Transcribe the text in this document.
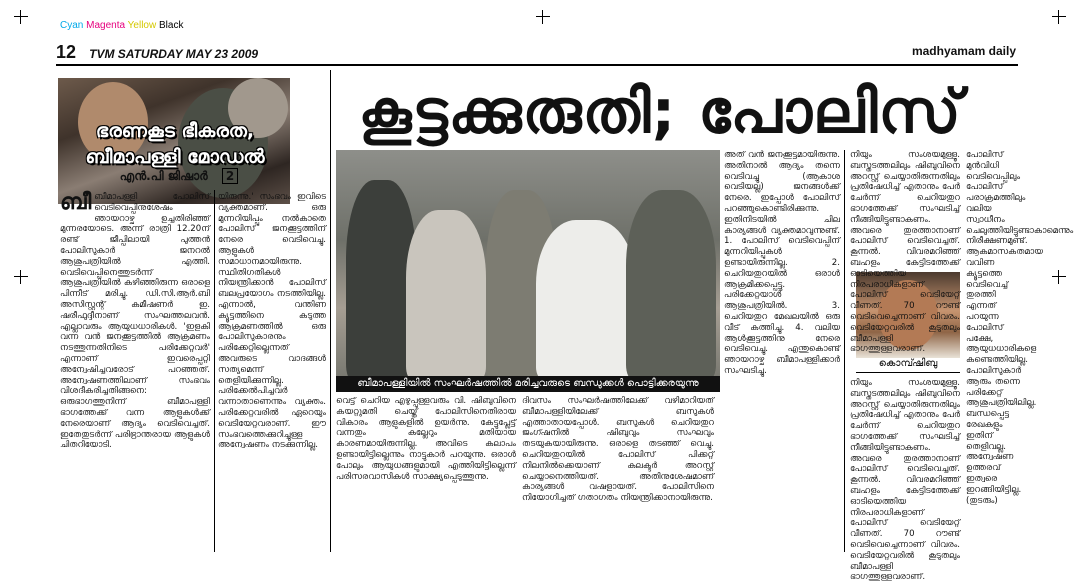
Cyan Magenta Yellow Black
12 TVM SATURDAY MAY 23 2009	madhyamam daily
ഭരണകൂട ഭീകരത,
ബീമാപള്ളി മോഡൽ
എൻ.പി ജിഷാർ 2
കൂട്ടക്കുരുതി; പോലിസ്
ബീമാപള്ളിയിൽ സംഘർഷത്തിൽ മരിച്ചവരുടെ ബന്ധുക്കൾ പൊട്ടിക്കരയുന്നു
കൊമ്പ്ഷിബു

ബീബീമാപള്ളി പോലിസ് വെടിവെപ്പിനുശേഷം ഞായറാഴ്ച ഉച്ചതിരിഞ്ഞ് മുന്നരയോടെ. അന്ന് രാത്രി 12.20ന് രണ്ട് ജീപ്പിലായി പുത്തൻ പോലിസുകാർ ജനറൽ ആശുപത്രിയിൽ എത്തി. വെടിവെപ്പിനെത്തുടർന്ന് ആശുപത്രിയിൽ കഴിഞ്ഞിരുന്ന ഒരാളെ പിന്നീട് മരിച്ചു. ഡി.സി.ആർ.ബി അസിസ്റ്റന്റ് കമീഷണർ ഇ. ഷരീഫുദ്ദീനാണ് സംഘത്തലവൻ. എല്ലാവരും ആയുധധാരികൾ. 'ഇളകി വന്ന വൻ ജനക്കൂട്ടത്തിൽ ആക്രമണം നടത്തുന്നതിനിടെ പരിക്കേറ്റവർ' എന്നാണ് ഇവരെപ്പറ്റി അന്വേഷിച്ചവരോട് പറഞ്ഞത്. അന്വേഷണത്തിലാണ് സംഭവം വിശദീകരിച്ചതിങ്ങനെ: ഒരുഭാഗത്തുനിന്ന് ബീമാപള്ളി ഭാഗത്തേക്ക് വന്ന ആളുകൾക്ക് നേരെയാണ് ആദ്യം വെടിവെച്ചത്. ഇതേതുടർന്ന് പരിഭ്രാന്തരായ ആളുകൾ ചിതറിയോടി.

യിരുന്നു.' സംഭവം ഇവിടെ വ്യക്തമാണ്. ഒരു മുന്നറിയിപ്പും നൽകാതെ പോലിസ് ജനക്കൂട്ടത്തിന് നേരെ വെടിവെച്ചു. ആളുകൾ സമാധാനമായിരുന്നു. സ്ഥിതിഗതികൾ നിയന്ത്രിക്കാൻ പോലിസ് ബലപ്രയോഗം നടത്തിയില്ല. എന്നാൽ, വന്തിണ ക്യൂട്ടത്തിനെ കടുത്ത ആക്രമണത്തിൽ ഒരു പോലിസുകാരനും പരിക്കേറ്റില്ലെന്നത് അവരുടെ വാദങ്ങൾ സത്യമെന്ന് തെളിയിക്കുന്നില്ല. പരിക്കേൽപിച്ചവർ വന്നാതാണെന്നും വ്യക്തം. പരിക്കേറ്റവരിൽ ഏറെയും വെടിയേറ്റവരാണ്. ഈ സംഭവത്തെക്കുറിച്ചുള്ള അന്വേഷണം നടക്കുന്നില്ല.

വെട്ട് ചെറിയ എഴുപ്പുള്ളവരും വി. ഷിബുവിനെ കയറ്റുമതി ചെയ്ത് പോലിസിനെതിരായ വികാരം ആളുകളിൽ ഉയർന്നു. കേട്ടുപ്ലേട്ട് വന്നതും കല്ലേറും മതിയായ കാരണമായിരുന്നില്ല. അവിടെ കലാപം ഉണ്ടായിട്ടില്ലെന്നും നാട്ടുകാർ പറയുന്നു. ഒരാൾ പോലും ആയുധങ്ങളുമായി എത്തിയിട്ടില്ലെന്ന് പരിസരവാസികൾ സാക്ഷ്യപ്പെടുത്തുന്നു.

ദിവസം സംഘർഷത്തിലേക്ക് വഴിമാറിയത് ബീമാപള്ളിയിലേക്ക് ബസുകൾ എത്താതായപ്പോൾ. ബസുകൾ ചെറിയതുറ ജംഗ്ഷനിൽ ഷിബുവും സംഘവും തടയുകയായിരുന്നു. ഒരാളെ തടഞ്ഞ് വെച്ചു. ചെറിയതുറയിൽ പോലിസ് പിക്കറ്റ് നിലനിൽക്കെയാണ് കലക്ടർ അറസ്റ്റ് ചെയ്യാനെത്തിയത്. അതിനുശേഷമാണ് കാര്യങ്ങൾ വഷളായത്. പോലിസിനെ നിയോഗിച്ചത് ഗതാഗതം നിയന്ത്രിക്കാനായിരുന്നു.

അത് വൻ ജനക്കൂട്ടമായിരുന്നു. അതിനാൽ ആദ്യം തന്നെ വെടിവച്ചു (ആകാശ വെടിയല്ല) ജനങ്ങൾക്ക് നേരെ. ഇപ്പോൾ പോലിസ് പറഞ്ഞുകൊണ്ടിരിക്കുന്നു. ഇതിനിടയിൽ ചില കാര്യങ്ങൾ വ്യക്തമാവുന്നുണ്ട്. 1. പോലിസ് വെടിവെപ്പിന് മുന്നറിയിപ്പുകൾ ഉണ്ടായിരുന്നില്ല. 2. ചെറിയതുറയിൽ ഒരാൾ ആക്രമിക്കപ്പെട്ടു. പരിക്കേറ്റയാൾ ആശുപത്രിയിൽ. 3. ചെറിയതുറ മേഖലയിൽ ഒരു വീട് കത്തിച്ചു. 4. വലിയ ആൾക്കൂട്ടത്തിനു നേരെ വെടിവെച്ചു. എന്തുകൊണ്ട് ഞായറാഴ്ച ബീമാപള്ളിക്കാർ സംഘടിച്ചു.

നിയും സംശയമുള്ളൂ. ബസ്തടത്തലിലും ഷിബുവിനെ അറസ്റ്റ് ചെയ്യാതിരുന്നതിലും പ്രതിഷേധിച്ച് എതാനും പേർ ചേർന്ന് ചെറിയതുറ ഭാഗത്തേക്ക് സംഘടിച്ച് നീങ്ങിയിട്ടുണ്ടാകണം. അവരെ തുരത്താനാണ് പോലിസ് വെടിവെച്ചത്. കൂന്നൽ. വിവരമറിഞ്ഞ് ബഹളം കേട്ടിടത്തേക്ക് ഓടിയെത്തിയ നിരപരാധികളാണ് പോലിസ് വെടിയേറ്റ് വീണത്. 70 റൗണ്ട് വെടിവെച്ചെന്നാണ് വിവരം. വെടിയേറ്റവരിൽ കൂടുതലും ബീമാപള്ളി ഭാഗത്തുള്ളവരാണ്.

നിയും സംശയമുള്ളൂ. ബസ്തടത്തലിലും ഷിബുവിനെ അറസ്റ്റ് ചെയ്യാതിരുന്നതിലും പ്രതിഷേധിച്ച് എതാനും പേർ ചേർന്ന് ചെറിയതുറ ഭാഗത്തേക്ക് സംഘടിച്ച് നീങ്ങിയിട്ടുണ്ടാകണം. അവരെ തുരത്താനാണ് പോലിസ് വെടിവെച്ചത്. കൂന്നൽ. വിവരമറിഞ്ഞ് ബഹളം കേട്ടിടത്തേക്ക് ഓടിയെത്തിയ നിരപരാധികളാണ് പോലിസ് വെടിയേറ്റ് വീണത്. 70 റൗണ്ട് വെടിവെച്ചെന്നാണ് വിവരം. വെടിയേറ്റവരിൽ കൂടുതലും ബീമാപള്ളി ഭാഗത്തുള്ളവരാണ്.

പോലിസ് മുൻവിധി വെടിവെപ്പിലും പോലിസ് പരാക്രമത്തിലും വലിയ സ്വാധീനം ചെലുത്തിയിട്ടുണ്ടാകാമെന്നും നിരീക്ഷണമുണ്ട്. ആകമാസകതമായ വവിണ ക്യൂട്ടത്തെ വെടിവെച്ച് തുരത്തി എന്നത് പറയുന്ന പോലിസ് പക്ഷേ, ആയുധധാരികളെ കണ്ടെത്തിയില്ല. പോലിസുകാർ ആരും തന്നെ പരിക്കേറ്റ് ആശുപത്രിയിലില്ല. ബന്ധപ്പെട്ട രേഖകളും ഇതിന് തെളിവല്ല. അന്വേഷണ ഉത്തരവ് ഇത്വരെ ഇറങ്ങിയിട്ടില്ല. (തുടരും)
